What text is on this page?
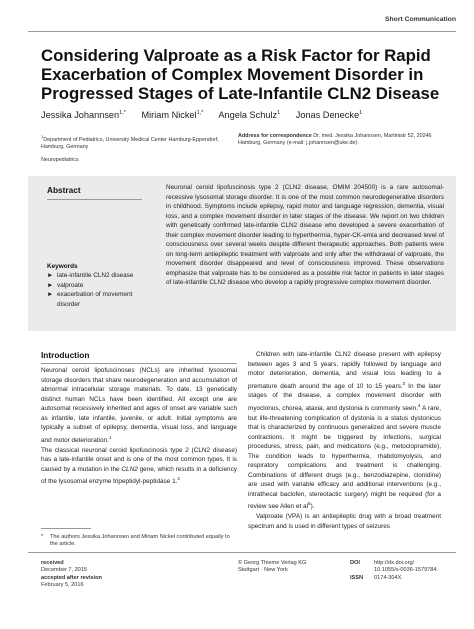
Short Communication
Considering Valproate as a Risk Factor for Rapid Exacerbation of Complex Movement Disorder in Progressed Stages of Late-Infantile CLN2 Disease
Jessika Johannsen$^{1,*}$ Miriam Nickel$^{1,*}$ Angela Schulz$^1$ Jonas Denecke$^1$
$^1$Department of Pediatrics, University Medical Center Hamburg-Eppendorf, Hamburg, Germany
Neuropediatrics
Address for correspondence Dr. med. Jessika Johannsen, Martinistr 52, 20246 Hamburg, Germany (e-mail: j.johannsen@uke.de).
Abstract	Neuronal ceroid lipofuscinosis type 2 (CLN2 disease, OMIM 204500) is a rare autosomal-recessive lysosomal storage disorder. It is one of the most common neurodegenerative disorders in childhood. Symptoms include epilepsy, rapid motor and language regression, dementia, visual loss, and a complex movement disorder in later stages of the disease. We report on two children with genetically confirmed late-infantile CLN2 disease who developed a severe exacerbation of their complex movement disorder leading to hyperthermia, hyper-CK-emia and decreased level of consciousness over several weeks despite different therapeutic approaches. Both patients were on long-term antiepileptic treatment with valproate and only after the withdrawal of valproate, the movement disorder disappeared and level of consciousness improved. These observations emphasize that valproate has to be considered as a possible risk factor in patients in later stages of late-infantile CLN2 disease who develop a rapidly progressive complex movement disorder.

Keywords
► late-infantile CLN2 disease
► valproate
► exacerbation of movement disorder
Introduction

Neuronal ceroid lipofuscinoses (NCLs) are inherited lysosomal storage disorders that share neurodegeneration and accumulation of abnormal intracellular storage materials. To date, 13 genetically distinct human NCLs have been identified. All except one are autosomal recessively inherited and ages of onset are variable such as infantile, late infantile, juvenile, or adult. Initial symptoms are typically a subset of epilepsy, dementia, visual loss, and language and motor deterioration.$^1$

The classical neuronal ceroid lipofuscinosis type 2 (CLN2 disease) has a late-infantile onset and is one of the most common types. It is caused by a mutation in the CLN2 gene, which results in a deficiency of the lysosomal enzyme tripeptidyl-peptidase 1.$^2$

Children with late-infantile CLN2 disease present with epilepsy between ages 3 and 5 years, rapidly followed by language and motor deterioration, dementia, and visual loss leading to a premature death around the age of 10 to 15 years.$^3$ In the later stages of the disease, a complex movement disorder with myoclonus, chorea, ataxia, and dystonia is commonly seen.$^4$ A rare, but life-threatening complication of dystonia is a status dystonicus that is characterized by continuous generalized and severe muscle contractions. It might be triggered by infections, surgical procedures, stress, pain, and medications (e.g., metoclopramide), The condition leads to hyperthermia, rhabdomyolysis, and respiratory complications and treatment is challenging. Combinations of different drugs (e.g., benzodiazepine, clonidine) are used with variable efficacy and additional interventions (e.g., intrathecal baclofen, stereotactic surgery) might be required (for a review see Allen et $al^5$).

Valproate (VPA) is an antiepileptic drug with a broad treatment spectrum and is used in different types of seizures

*	The authors Jessika Johannsen and Miriam Nickel contributed equally to the article.
received
December 7, 2015
accepted after revision
February 5, 2016
© Georg Thieme Verlag KG
Stuttgart · New York
DOI	http://dx.doi.org/
10.1055/s-0036-1579784.
ISSN 0174-304X.
